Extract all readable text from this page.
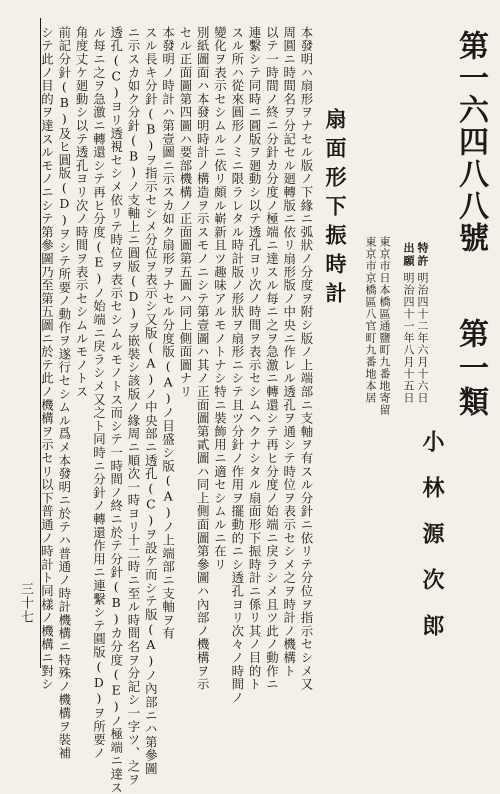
第一六四八八號
第一類
出願
明治四十一年八月十五日
特許
明治四十二年六月十六日
東京市京橋區八官町九番地本居 東京市日本橋區通鹽町九番地寄留
小林源次郎
扇面形下振時計
本發明ハ扇形ヲナセル版ノ下緣ニ弧狀ノ分度ヲ附シ版ノ上端部ニ支軸ヲ有スル分針ニ依リテ分位ヲ指示セシメ又
周圓ニ時間名ヲ分記セル廻轉版ニ依リ扇形版ノ中央ニ作レル透孔ヲ通シテ時位ヲ表示セシメ之ヲ時計ノ機構ト
以テ一時間ノ終ニ分針カ分度ノ極端ニ達スル每ニ之ヲ急激ニ轉還シテ再ヒ分度ノ始端ニ戾ラシメ且ツ此ノ動作ニ
連繫シテ同時ニ圓版ヲ廻動シ以テ透孔ヨリ次ノ時間ヲ表示セシムヘクナシタル扇面形下振時計ニ係リ其ノ目的ト
スル所ハ從來圓形ノミニ限ラレタル時計版ノ形狀ヲ扇形ニシテ且ツ分針ノ作用ヲ擺動的ニシ透孔ヨリ次々ノ時間ノ
變化ヲ表示セシムルニ依リ頗ル嶄新且ツ趣味アルモノトナシ特ニ裝飾用ニ適セシムルニ在リ
別紙圖面ハ本發明時計ノ構造ヲ示スモノニシテ第壹圖ハ其ノ正面圖第貳圖ハ同上側面圖第參圖ハ內部ノ機構ヲ示
セル正面圖第四圖ハ要部機構ノ正面圖第五圖ハ同上側面圖ナリ
本發明ノ時計ハ第壹圖ニ示スカ如ク扇形ヲナセル分度版(A)ノ目盛シ版(A)ノ上端部ニ支軸ヲ有
スル長キ分針(B)ヲ指示セシメ分位ヲ表示シ又版(A)ノ中央部ニ透孔(C)ヲ設ケ而シテ版(A)ノ內部ニハ第參圖
ニ示スカ如ク分針(B)ノ支軸上ニ圓版(D)ヲ嵌裝シ該版ノ緣周ニ順次一時ヨリ十二時ニ至ル時間名ヲ分記シ一字ツ、之ヲ
透孔(C)ヨリ透視セシメ依リテ時位ヲ表示セシムルモノトス而シテ一時間ノ終ニ於テ分針(B)カ分度(E)ノ極端ニ達ス
ル每ニ之ヲ急激ニ轉還シテ再ヒ分度(E)ノ始端ニ戾ラシメ又之ト同時ニ分針ノ轉還作用ニ連繫シテ圓版(D)ヲ所要ノ
角度丈ケ廻動シ以テ透孔ヨリ次ノ時間ヲ表示セシムルモノトス
前記分針(B)及ヒ圓版(D)ヲシテ所要ノ動作ヲ遂行セシムル爲メ本發明ニ於テハ普通ノ時計機構ニ特殊ノ機構ヲ裝補
シテ此ノ目的ヲ達スルモノニシテ第參圖乃至第五圖ニ於テ此ノ機構ヲ示セリ以下普通ノ時計ト同樣ノ機構ニ對シ
三十七
